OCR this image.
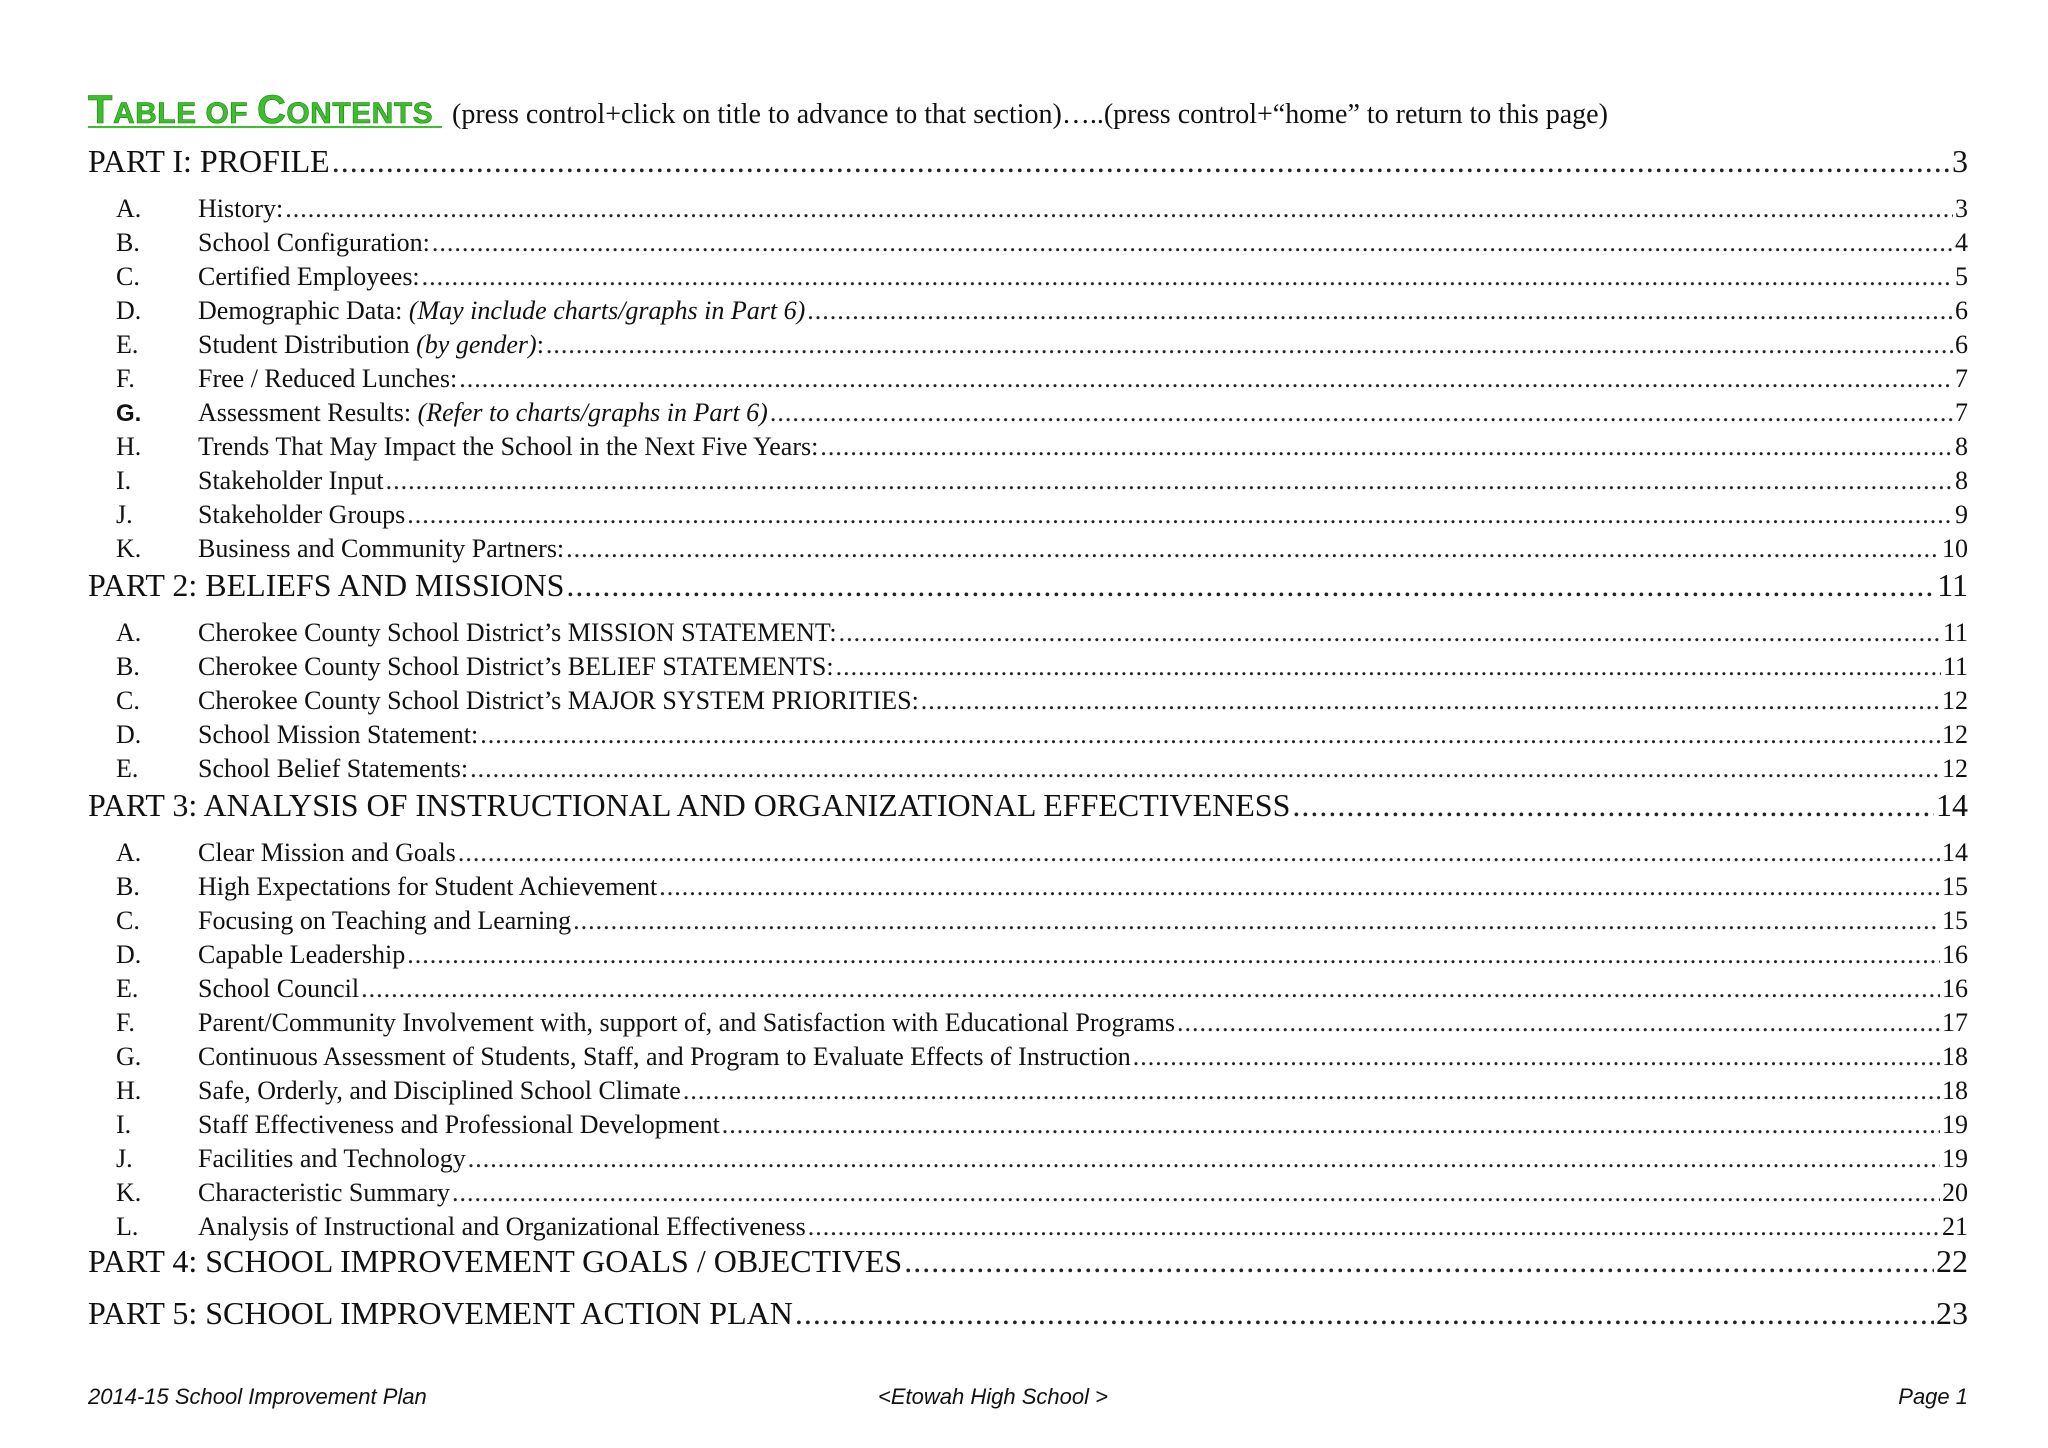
TABLE OF CONTENTS (press control+click on title to advance to that section)…..(press control+“home” to return to this page)
PART I: PROFILE .....	3
A.	History: .....	3
B.	School Configuration: .....	4
C.	Certified Employees: .....	5
D.	Demographic Data: (May include charts/graphs in Part 6) .....	6
E.	Student Distribution (by gender): .....	6
F.	Free / Reduced Lunches: .....	7
G.	Assessment Results: (Refer to charts/graphs in Part 6) .....	7
H.	Trends That May Impact the School in the Next Five Years: .....	8
I.	Stakeholder Input .....	8
J.	Stakeholder Groups .....	9
K.	Business and Community Partners: .....	10
PART 2: BELIEFS AND MISSIONS .....	11
A.	Cherokee County School District’s MISSION STATEMENT: .....	11
B.	Cherokee County School District’s BELIEF STATEMENTS: .....	11
C.	Cherokee County School District’s MAJOR SYSTEM PRIORITIES: .....	12
D.	School Mission Statement: .....	12
E.	School Belief Statements: .....	12
PART 3: ANALYSIS OF INSTRUCTIONAL AND ORGANIZATIONAL EFFECTIVENESS .....	14
A.	Clear Mission and Goals .....	14
B.	High Expectations for Student Achievement .....	15
C.	Focusing on Teaching and Learning .....	15
D.	Capable Leadership .....	16
E.	School Council .....	16
F.	Parent/Community Involvement with, support of, and Satisfaction with Educational Programs .....	17
G.	Continuous Assessment of Students, Staff, and Program to Evaluate Effects of Instruction .....	18
H.	Safe, Orderly, and Disciplined School Climate .....	18
I.	Staff Effectiveness and Professional Development .....	19
J.	Facilities and Technology .....	19
K.	Characteristic Summary .....	20
L.	Analysis of Instructional and Organizational Effectiveness .....	21
PART 4: SCHOOL IMPROVEMENT GOALS / OBJECTIVES .....	22
PART 5: SCHOOL IMPROVEMENT ACTION PLAN .....	23
2014-15 School Improvement Plan	<Etowah High School >	Page 1
